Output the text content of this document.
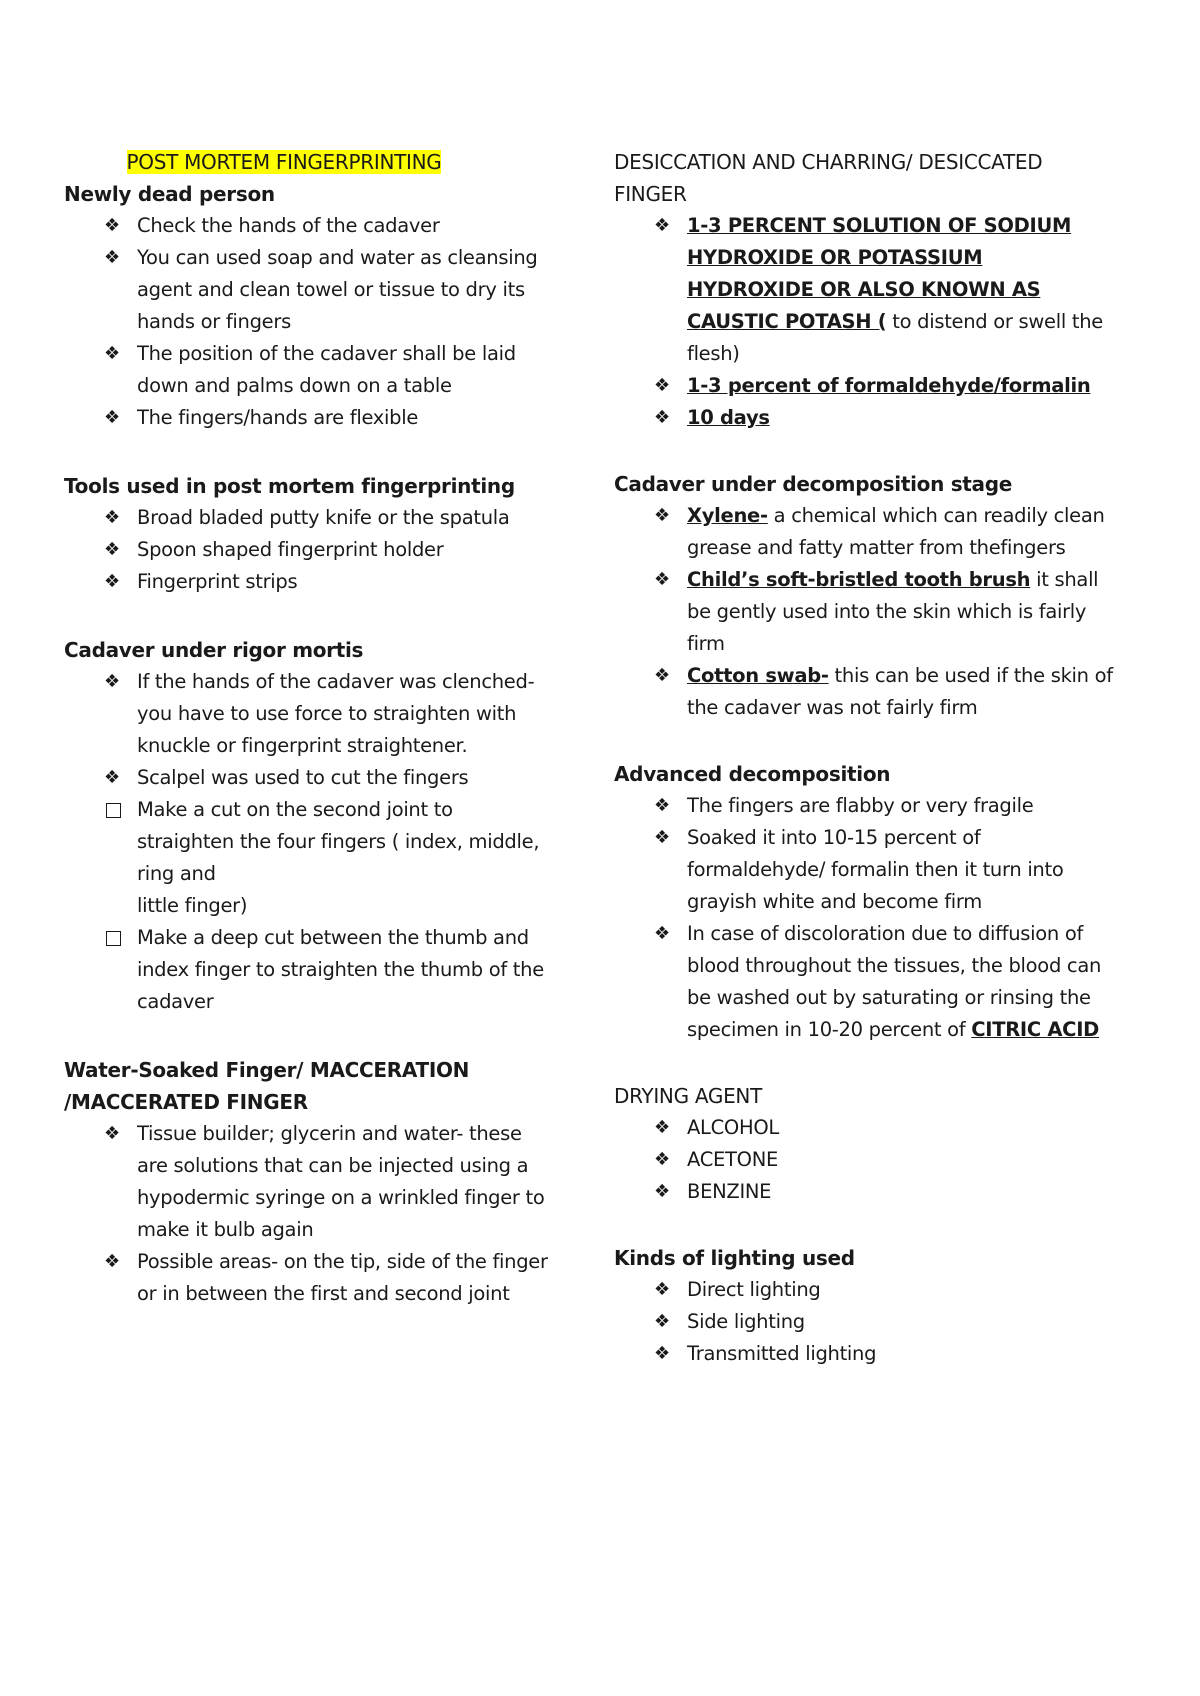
POST MORTEM FINGERPRINTING

Newly dead person

❖ Check the hands of the cadaver
❖ You can used soap and water as cleansing agent and clean towel or tissue to dry its hands or fingers
❖ The position of the cadaver shall be laid down and palms down on a table
❖ The fingers/hands are flexible

Tools used in post mortem fingerprinting

❖ Broad bladed putty knife or the spatula
❖ Spoon shaped fingerprint holder
❖ Fingerprint strips

Cadaver under rigor mortis

❖ If the hands of the cadaver was clenched- you have to use force to straighten with knuckle or fingerprint straightener.
❖ Scalpel was used to cut the fingers
Make a cut on the second joint to straighten the four fingers ( index, middle, ring and
little finger)
Make a deep cut between the thumb and index finger to straighten the thumb of the cadaver

Water-Soaked Finger/ MACCERATION /MACCERATED FINGER

❖ Tissue builder; glycerin and water- these are solutions that can be injected using a hypodermic syringe on a wrinkled finger to make it bulb again
❖ Possible areas- on the tip, side of the finger or in between the first and second joint

DESICCATION AND CHARRING/ DESICCATED FINGER

❖ 1-3 PERCENT SOLUTION OF SODIUM HYDROXIDE OR POTASSIUM HYDROXIDE OR ALSO KNOWN AS CAUSTIC POTASH ( to distend or swell the flesh)
❖ 1-3 percent of formaldehyde/formalin
❖ 10 days

Cadaver under decomposition stage

❖ Xylene- a chemical which can readily clean grease and fatty matter from thefingers
❖ Child’s soft-bristled tooth brush it shall be gently used into the skin which is fairly firm
❖ Cotton swab- this can be used if the skin of the cadaver was not fairly firm

Advanced decomposition

❖ The fingers are flabby or very fragile
❖ Soaked it into 10-15 percent of formaldehyde/ formalin then it turn into grayish white and become firm
❖ In case of discoloration due to diffusion of blood throughout the tissues, the blood can be washed out by saturating or rinsing the specimen in 10-20 percent of CITRIC ACID

DRYING AGENT

❖ ALCOHOL
❖ ACETONE
❖ BENZINE

Kinds of lighting used

❖ Direct lighting
❖ Side lighting
❖ Transmitted lighting
